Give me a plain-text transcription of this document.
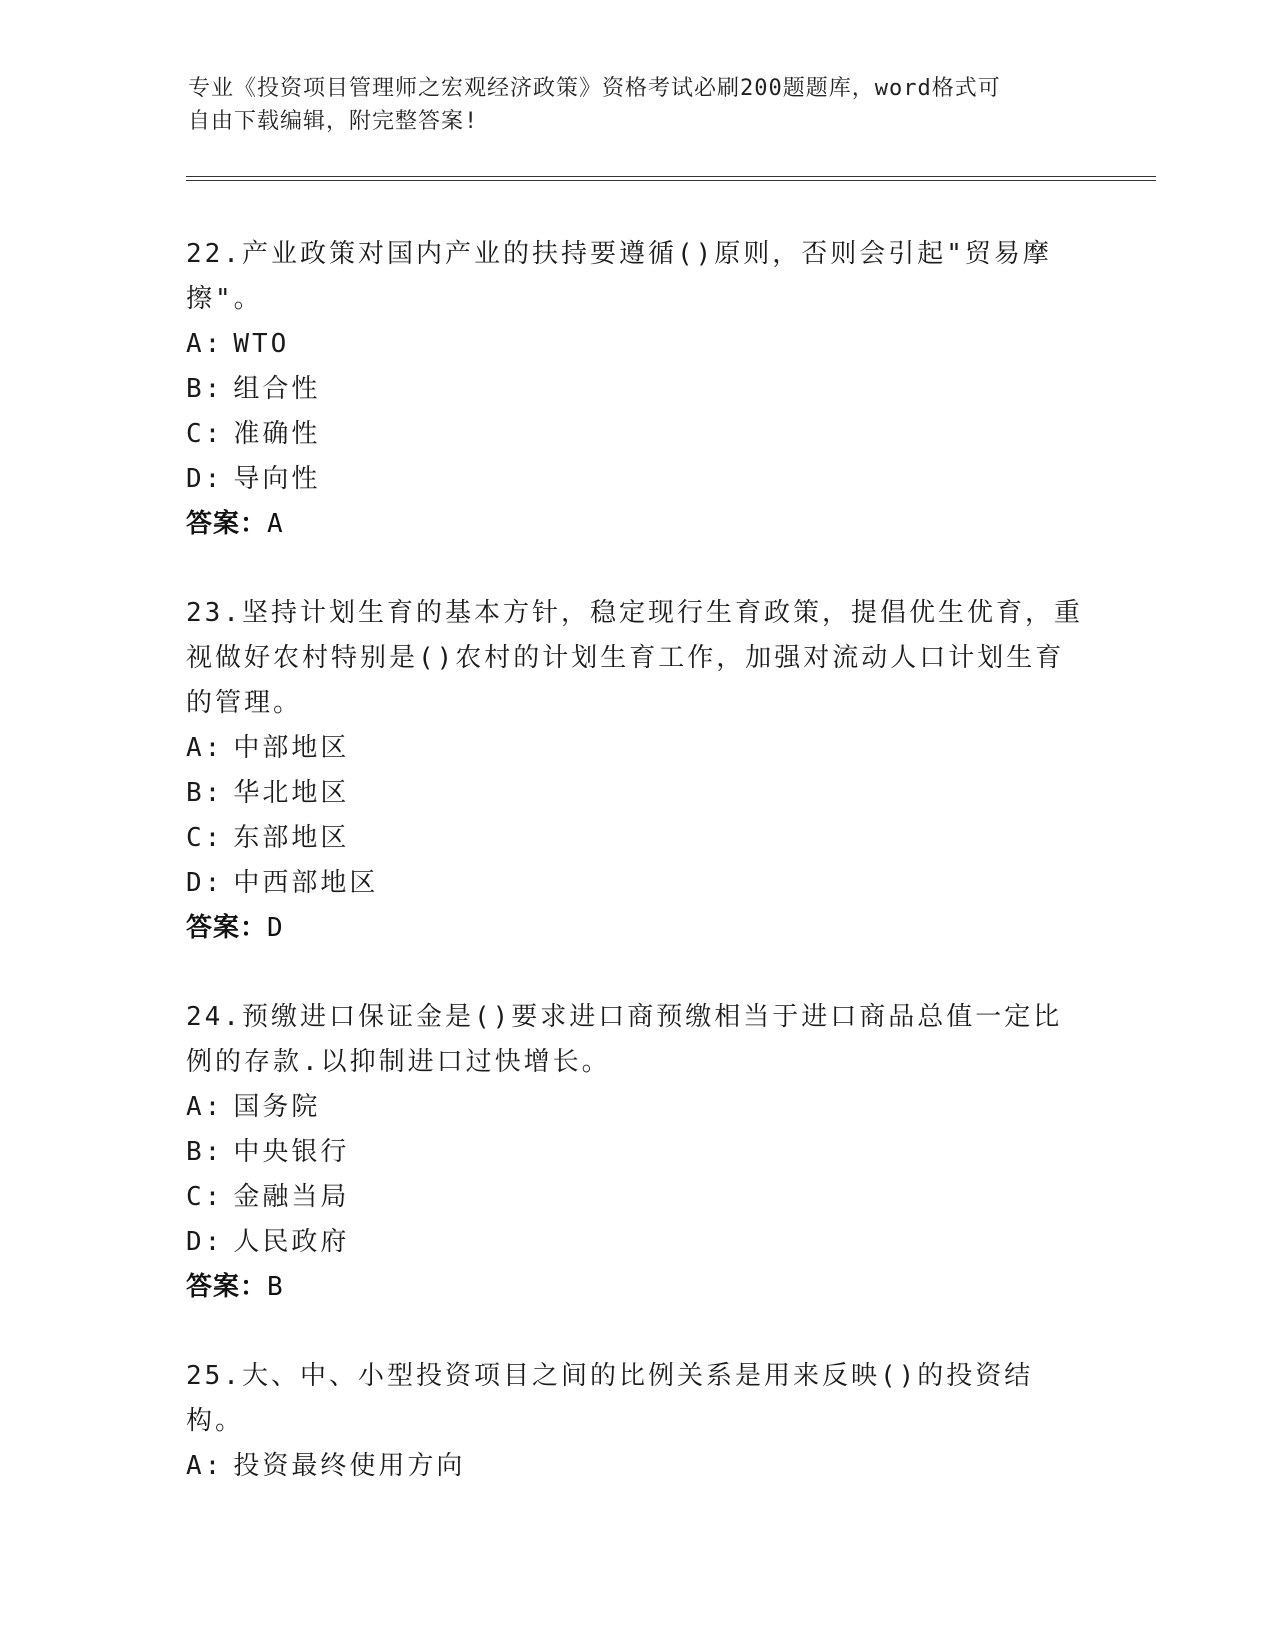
专业《投资项目管理师之宏观经济政策》资格考试必刷200题题库，word格式可
自由下载编辑，附完整答案!
22.产业政策对国内产业的扶持要遵循()原则，否则会引起"贸易摩擦"。
A: WTO
B: 组合性
C: 准确性
D: 导向性
答案：A
23.坚持计划生育的基本方针，稳定现行生育政策，提倡优生优育，重视做好农村特别是()农村的计划生育工作，加强对流动人口计划生育的管理。
A: 中部地区
B: 华北地区
C: 东部地区
D: 中西部地区
答案：D
24.预缴进口保证金是()要求进口商预缴相当于进口商品总值一定比例的存款.以抑制进口过快增长。
A: 国务院
B: 中央银行
C: 金融当局
D: 人民政府
答案：B
25.大、中、小型投资项目之间的比例关系是用来反映()的投资结构。
A: 投资最终使用方向
